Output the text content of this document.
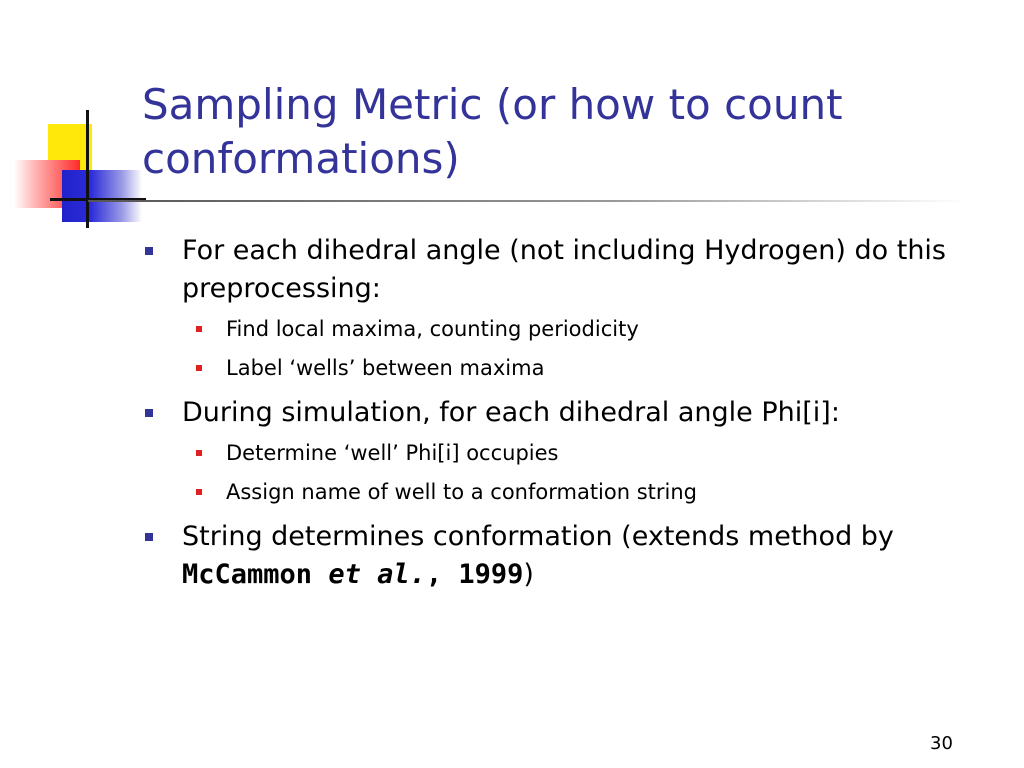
Sampling Metric (or how to count conformations)
For each dihedral angle (not including Hydrogen) do this preprocessing:
Find local maxima, counting periodicity
Label ‘wells’ between maxima
During simulation, for each dihedral angle Phi[i]:
Determine ‘well’ Phi[i] occupies
Assign name of well to a conformation string
String determines conformation (extends method by McCammon et al., 1999)
30
